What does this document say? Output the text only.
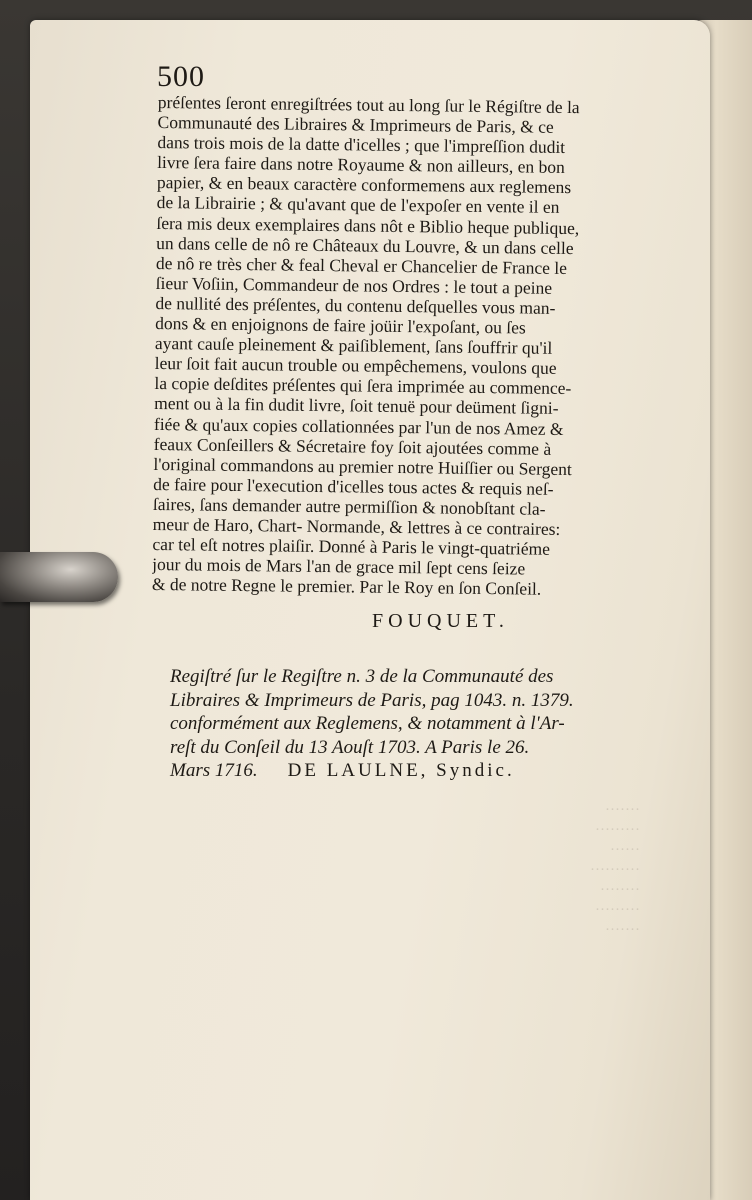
·······
·········
······
··········
········
·········
·······
500
préſentes ſeront enregiſtrées tout au long ſur le Régiſtre de la
Communauté des Libraires & Imprimeurs de Paris, & ce
dans trois mois de la datte d'icelles ; que l'impreſſion dudit
livre ſera faire dans notre Royaume & non ailleurs, en bon
papier, & en beaux caractère conformemens aux reglemens
de la Librairie ; & qu'avant que de l'expoſer en vente il en
ſera mis deux exemplaires dans nôt e Biblio heque publique,
un dans celle de nô re Châteaux du Louvre, & un dans celle
de nô re très cher & feal Cheval er Chancelier de France le
ſieur Voſiin, Commandeur de nos Ordres : le tout a peine
de nullité des préſentes, du contenu deſquelles vous man-
dons & en enjoignons de faire joüir l'expoſant, ou ſes
ayant cauſe pleinement & paiſiblement, ſans ſouffrir qu'il
leur ſoit fait aucun trouble ou empêchemens, voulons que
la copie deſdites préſentes qui ſera imprimée au commence-
ment ou à la fin dudit livre, ſoit tenuë pour deüment ſigni-
fiée & qu'aux copies collationnées par l'un de nos Amez &
feaux Conſeillers & Sécretaire foy ſoit ajoutées comme à
l'original commandons au premier notre Huiſſier ou Sergent
de faire pour l'execution d'icelles tous actes & requis neſ-
ſaires, ſans demander autre permiſſion & nonobſtant cla-
meur de Haro, Chart- Normande, & lettres à ce contraires:
car tel eſt notres plaiſir. Donné à Paris le vingt-quatriéme
jour du mois de Mars l'an de grace mil ſept cens ſeize
& de notre Regne le premier. Par le Roy en ſon Conſeil.
FOUQUET.
Regiſtré ſur le Regiſtre n. 3 de la Communauté des
Libraires & Imprimeurs de Paris, pag 1043. n. 1379.
conformément aux Reglemens, & notamment à l'Ar-
reſt du Conſeil du 13 Aouſt 1703. A Paris le 26.
Mars 1716. DE LAULNE, Syndic.
